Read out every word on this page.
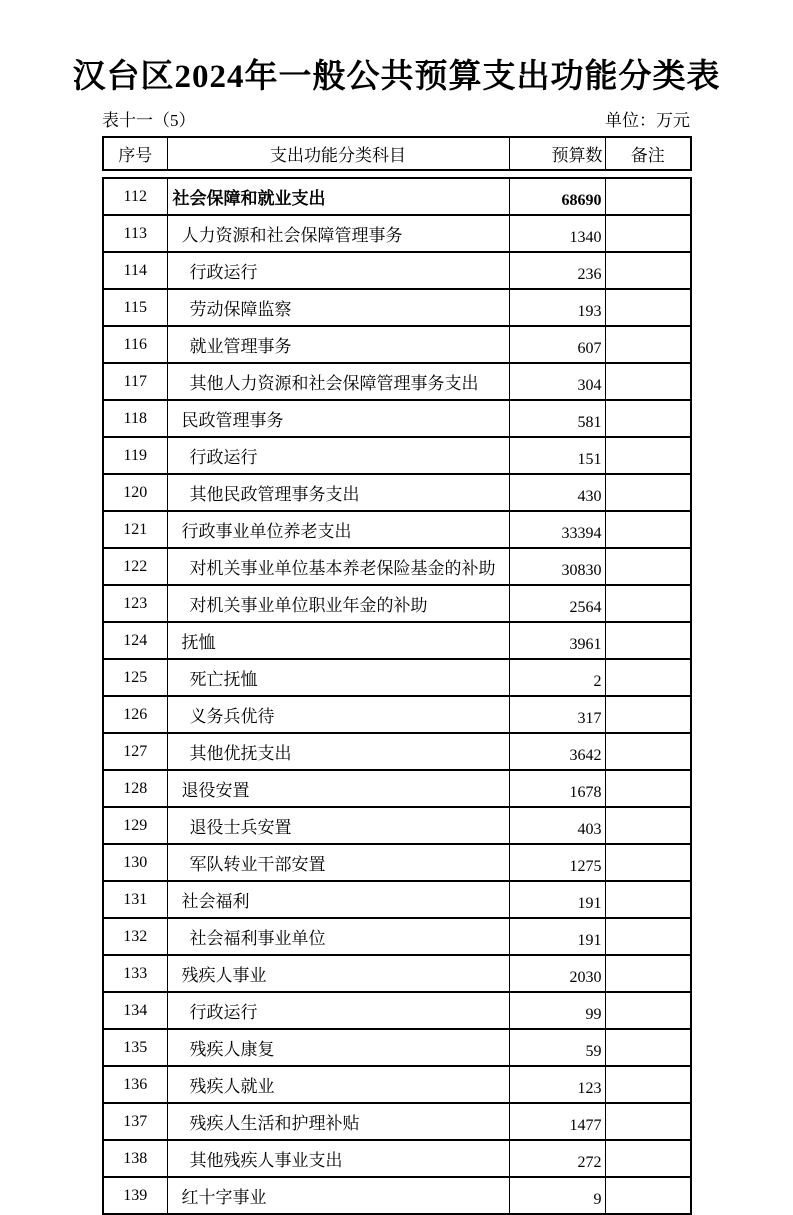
汉台区2024年一般公共预算支出功能分类表
表十一（5）	单位：万元
序号	支出功能分类科目	预算数	备注
112	社会保障和就业支出	68690	
113	人力资源和社会保障管理事务	1340	
114	行政运行	236	
115	劳动保障监察	193	
116	就业管理事务	607	
117	其他人力资源和社会保障管理事务支出	304	
118	民政管理事务	581	
119	行政运行	151	
120	其他民政管理事务支出	430	
121	行政事业单位养老支出	33394	
122	对机关事业单位基本养老保险基金的补助	30830	
123	对机关事业单位职业年金的补助	2564	
124	抚恤	3961	
125	死亡抚恤	2	
126	义务兵优待	317	
127	其他优抚支出	3642	
128	退役安置	1678	
129	退役士兵安置	403	
130	军队转业干部安置	1275	
131	社会福利	191	
132	社会福利事业单位	191	
133	残疾人事业	2030	
134	行政运行	99	
135	残疾人康复	59	
136	残疾人就业	123	
137	残疾人生活和护理补贴	1477	
138	其他残疾人事业支出	272	
139	红十字事业	9	
